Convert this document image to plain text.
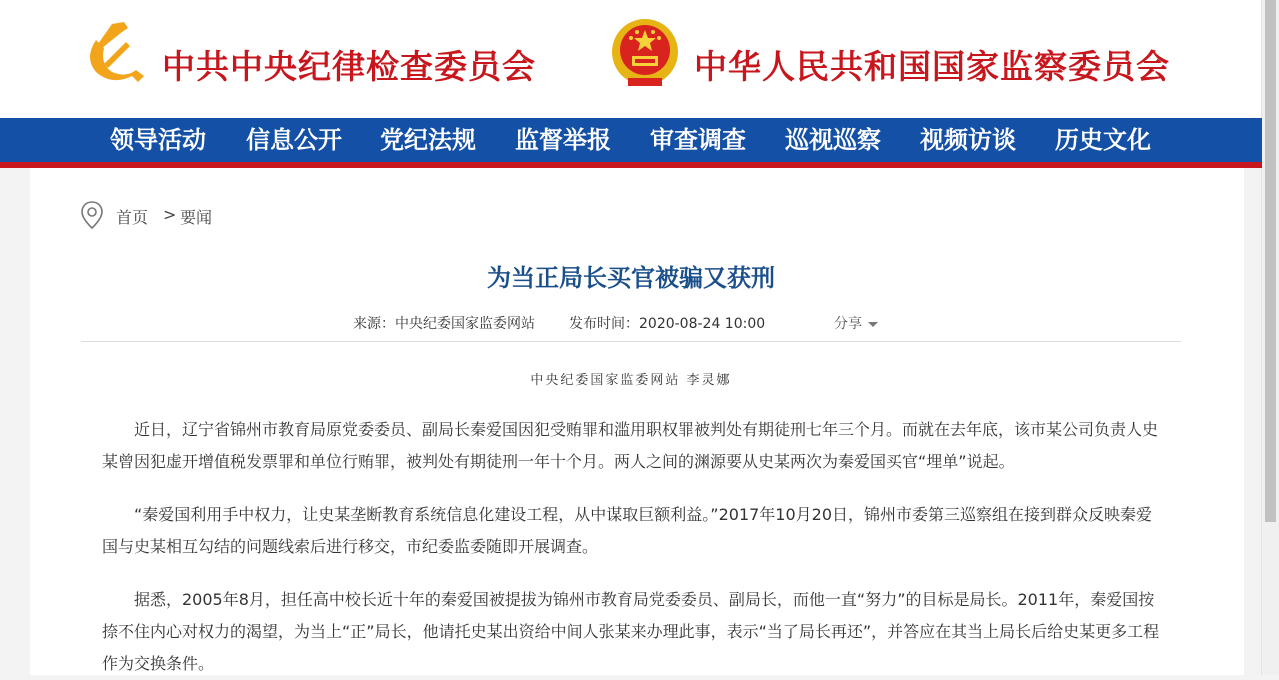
中共中央纪律检查委员会	中华人民共和国国家监察委员会
领导活动 信息公开 党纪法规 监督举报 审查调查 巡视巡察 视频访谈 历史文化
首页 > 要闻
为当正局长买官被骗又获刑
来源：中央纪委国家监委网站 发布时间：2020-08-24 10:00	分享
中央纪委国家监委网站 李灵娜

近日，辽宁省锦州市教育局原党委委员、副局长秦爱国因犯受贿罪和滥用职权罪被判处有期徒刑七年三个月。而就在去年底，该市某公司负责人史某曾因犯虚开增值税发票罪和单位行贿罪，被判处有期徒刑一年十个月。两人之间的渊源要从史某两次为秦爱国买官“埋单”说起。

“秦爱国利用手中权力，让史某垄断教育系统信息化建设工程，从中谋取巨额利益。”2017年10月20日，锦州市委第三巡察组在接到群众反映秦爱国与史某相互勾结的问题线索后进行移交，市纪委监委随即开展调查。

据悉，2005年8月，担任高中校长近十年的秦爱国被提拔为锦州市教育局党委委员、副局长，而他一直“努力”的目标是局长。2011年，秦爱国按捺不住内心对权力的渴望，为当上“正”局长，他请托史某出资给中间人张某来办理此事，表示“当了局长再还”，并答应在其当上局长后给史某更多工程作为交换条件。
